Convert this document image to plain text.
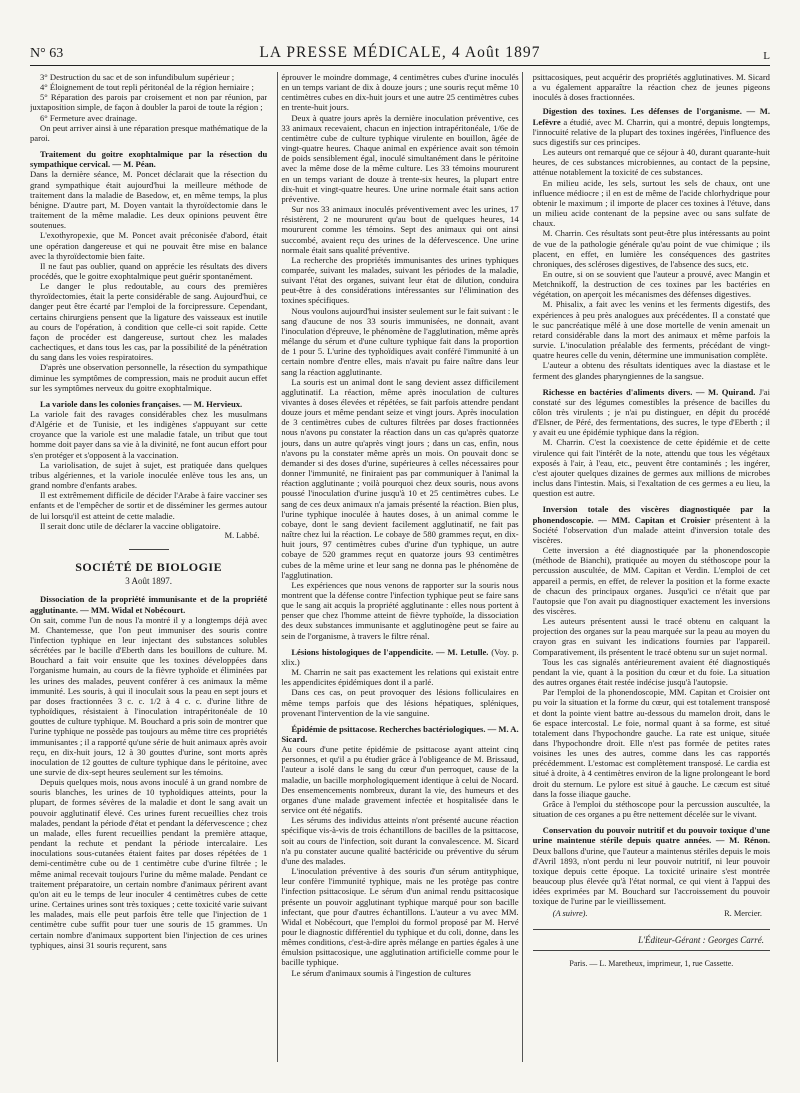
N° 63	LA PRESSE MÉDICALE, 4 Août 1897	L

3° Destruction du sac et de son infundibulum supérieur ;

4° Éloignement de tout repli péritonéal de la région herniaire ;

5° Réparation des parois par croisement et non par réunion, par juxtaposition simple, de façon à doubler la paroi de toute la région ;

6° Fermeture avec drainage.

On peut arriver ainsi à une réparation presque mathématique de la paroi.

Traitement du goitre exophtalmique par la résection du sympathique cervical. — M. Péan.

Dans la dernière séance, M. Poncet déclarait que la résection du grand sympathique était aujourd'hui la meilleure méthode de traitement dans la maladie de Basedow, et, en même temps, la plus bénigne. D'autre part, M. Doyen vantait la thyroïdectomie dans le traitement de la même maladie. Les deux opinions peuvent être soutenues.

L'exothyropexie, que M. Poncet avait préconisée d'abord, était une opération dangereuse et qui ne pouvait être mise en balance avec la thyroïdectomie bien faite.

Il ne faut pas oublier, quand on apprécie les résultats des divers procédés, que le goitre exophtalmique peut guérir spontanément.

Le danger le plus redoutable, au cours des premières thyroïdectomies, était la perte considérable de sang. Aujourd'hui, ce danger peut être écarté par l'emploi de la forcipressure. Cependant, certains chirurgiens pensent que la ligature des vaisseaux est inutile au cours de l'opération, à condition que celle-ci soit rapide. Cette façon de procéder est dangereuse, surtout chez les malades cachectiques, et dans tous les cas, par la possibilité de la pénétration du sang dans les voies respiratoires.

D'après une observation personnelle, la résection du sympathique diminue les symptômes de compression, mais ne produit aucun effet sur les symptômes nerveux du goitre exophtalmique.

La variole dans les colonies françaises. — M. Hervieux.

La variole fait des ravages considérables chez les musulmans d'Algérie et de Tunisie, et les indigènes s'appuyant sur cette croyance que la variole est une maladie fatale, un tribut que tout homme doit payer dans sa vie à la divinité, ne font aucun effort pour s'en protéger et s'opposent à la vaccination.

La variolisation, de sujet à sujet, est pratiquée dans quelques tribus algériennes, et la variole inoculée enlève tous les ans, un grand nombre d'enfants arabes.

Il est extrêmement difficile de décider l'Arabe à faire vacciner ses enfants et de l'empêcher de sortir et de disséminer les germes autour de lui lorsqu'il est atteint de cette maladie.

Il serait donc utile de déclarer la vaccine obligatoire.

M. Labbé.
SOCIÉTÉ DE BIOLOGIE
3 Août 1897.

Dissociation de la propriété immunisante et de la propriété agglutinante. — MM. Widal et Nobécourt.

On sait, comme l'un de nous l'a montré il y a longtemps déjà avec M. Chantemesse, que l'on peut immuniser des souris contre l'infection typhique en leur injectant des substances solubles sécrétées par le bacille d'Eberth dans les bouillons de culture. M. Bouchard a fait voir ensuite que les toxines développées dans l'organisme humain, au cours de la fièvre typhoïde et éliminées par les urines des malades, peuvent conférer à ces animaux la même immunité. Les souris, à qui il inoculait sous la peau en sept jours et par doses fractionnées 3 c. c. 1/2 à 4 c. c. d'urine lithre de typhoïdiques, résistaient à l'inoculation intrapéritonéale de 10 gouttes de culture typhique. M. Bouchard a pris soin de montrer que l'urine typhique ne possède pas toujours au même titre ces propriétés immunisantes ; il a rapporté qu'une série de huit animaux après avoir reçu, en dix-huit jours, 12 à 30 gouttes d'urine, sont morts après inoculation de 12 gouttes de culture typhique dans le péritoine, avec une survie de dix-sept heures seulement sur les témoins.

Depuis quelques mois, nous avons inoculé à un grand nombre de souris blanches, les urines de 10 typhoïdiques atteints, pour la plupart, de formes sévères de la maladie et dont le sang avait un pouvoir agglutinatif élevé. Ces urines furent recueillies chez trois malades, pendant la période d'état et pendant la défervescence ; chez un malade, elles furent recueillies pendant la première attaque, pendant la rechute et pendant la période intercalaire. Les inoculations sous-cutanées étaient faites par doses répétées de 1 demi-centimètre cube ou de 1 centimètre cube d'urine filtrée ; le même animal recevait toujours l'urine du même malade. Pendant ce traitement préparatoire, un certain nombre d'animaux périrent avant qu'on ait eu le temps de leur inoculer 4 centimètres cubes de cette urine. Certaines urines sont très toxiques ; cette toxicité varie suivant les malades, mais elle peut parfois être telle que l'injection de 1 centimètre cube suffit pour tuer une souris de 15 grammes. Un certain nombre d'animaux supportent bien l'injection de ces urines typhiques, ainsi 31 souris reçurent, sans

éprouver le moindre dommage, 4 centimètres cubes d'urine inoculés en un temps variant de dix à douze jours ; une souris reçut même 10 centimètres cubes en dix-huit jours et une autre 25 centimètres cubes en trente-huit jours.

Deux à quatre jours après la dernière inoculation préventive, ces 33 animaux recevaient, chacun en injection intrapéritonéale, 1/6e de centimètre cube de culture typhique virulente en bouillon, âgée de vingt-quatre heures. Chaque animal en expérience avait son témoin de poids sensiblement égal, inoculé simultanément dans le péritoine avec la même dose de la même culture. Les 33 témoins moururent en un temps variant de douze à trente-six heures, la plupart entre dix-huit et vingt-quatre heures. Une urine normale était sans action préventive.

Sur nos 33 animaux inoculés préventivement avec les urines, 17 résistèrent, 2 ne moururent qu'au bout de quelques heures, 14 moururent comme les témoins. Sept des animaux qui ont ainsi succombé, avaient reçu des urines de la défervescence. Une urine normale était sans qualité préventive.

La recherche des propriétés immunisantes des urines typhiques comparée, suivant les malades, suivant les périodes de la maladie, suivant l'état des organes, suivant leur état de dilution, conduira peut-être à des considérations intéressantes sur l'élimination des toxines spécifiques.

Nous voulons aujourd'hui insister seulement sur le fait suivant : le sang d'aucune de nos 33 souris immunisées, ne donnait, avant l'inoculation d'épreuve, le phénomène de l'agglutination, même après mélange du sérum et d'une culture typhique fait dans la proportion de 1 pour 5. L'urine des typhoïdiques avait conféré l'immunité à un certain nombre d'entre elles, mais n'avait pu faire naître dans leur sang la réaction agglutinante.

La souris est un animal dont le sang devient assez difficilement agglutinatif. La réaction, même après inoculation de cultures vivantes à doses élevées et répétées, se fait parfois attendre pendant douze jours et même pendant seize et vingt jours. Après inoculation de 3 centimètres cubes de cultures filtrées par doses fractionnées nous n'avons pu constater la réaction dans un cas qu'après quatorze jours, dans un autre qu'après vingt jours ; dans un cas, enfin, nous n'avons pu la constater même après un mois. On pouvait donc se demander si des doses d'urine, supérieures à celles nécessaires pour donner l'immunité, ne finiraient pas par communiquer à l'animal la réaction agglutinante ; voilà pourquoi chez deux souris, nous avons poussé l'inoculation d'urine jusqu'à 10 et 25 centimètres cubes. Le sang de ces deux animaux n'a jamais présenté la réaction. Bien plus, l'urine typhique inoculée à hautes doses, à un animal comme le cobaye, dont le sang devient facilement agglutinatif, ne fait pas naître chez lui la réaction. Le cobaye de 580 grammes reçut, en dix-huit jours, 97 centimètres cubes d'urine d'un typhique, un autre cobaye de 520 grammes reçut en quatorze jours 93 centimètres cubes de la même urine et leur sang ne donna pas le phénomène de l'agglutination.

Les expériences que nous venons de rapporter sur la souris nous montrent que la défense contre l'infection typhique peut se faire sans que le sang ait acquis la propriété agglutinante : elles nous portent à penser que chez l'homme atteint de fièvre typhoïde, la dissociation des deux substances immunisante et agglutinogène peut se faire au sein de l'organisme, à travers le filtre rénal.

Lésions histologiques de l'appendicite. — M. Letulle. (Voy. p. xlix.)

M. Charrin ne sait pas exactement les relations qui existait entre les appendicites épidémiques dont il a parlé.

Dans ces cas, on peut provoquer des lésions folliculaires en même temps parfois que des lésions hépatiques, spléniques, provenant l'intervention de la vie sanguine.

Épidémie de psittacose. Recherches bactériologiques. — M. A. Sicard.

Au cours d'une petite épidémie de psittacose ayant atteint cinq personnes, et qu'il a pu étudier grâce à l'obligeance de M. Brissaud, l'auteur a isolé dans le sang du cœur d'un perroquet, cause de la maladie, un bacille morphologiquement identique à celui de Nocard. Des ensemencements nombreux, durant la vie, des humeurs et des organes d'une malade gravement infectée et hospitalisée dans le service ont été négatifs.

Les sérums des individus atteints n'ont présenté aucune réaction spécifique vis-à-vis de trois échantillons de bacilles de la psittacose, soit au cours de l'infection, soit durant la convalescence. M. Sicard n'a pu constater aucune qualité bactéricide ou préventive du sérum d'une des malades.

L'inoculation préventive à des souris d'un sérum antityphique, leur confère l'immunité typhique, mais ne les protège pas contre l'infection psittacosique. Le sérum d'un animal rendu psittacosique présente un pouvoir agglutinant typhique marqué pour son bacille infectant, que pour d'autres échantillons. L'auteur a vu avec MM. Widal et Nobécourt, que l'emploi du formol proposé par M. Hervé pour le diagnostic différentiel du typhique et du coli, donne, dans les mêmes conditions, c'est-à-dire après mélange en parties égales à une émulsion psittacosique, une agglutination artificielle comme pour le bacille typhique.

Le sérum d'animaux soumis à l'ingestion de cultures

psittacosiques, peut acquérir des propriétés agglutinatives. M. Sicard a vu également apparaître la réaction chez de jeunes pigeons inoculés à doses fractionnées.

Digestion des toxines. Les défenses de l'organisme. — M. Lefèvre a étudié, avec M. Charrin, qui a montré, depuis longtemps, l'innocuité relative de la plupart des toxines ingérées, l'influence des sucs digestifs sur ces principes.

Les auteurs ont remarqué que ce séjour à 40, durant quarante-huit heures, de ces substances microbiennes, au contact de la pepsine, atténue notablement la toxicité de ces substances.

En milieu acide, les sels, surtout les sels de chaux, ont une influence médiocre ; il en est de même de l'acide chlorhydrique pour obtenir le maximum ; il importe de placer ces toxines à l'étuve, dans un milieu acide contenant de la pepsine avec ou sans sulfate de chaux.

M. Charrin. Ces résultats sont peut-être plus intéressants au point de vue de la pathologie générale qu'au point de vue chimique ; ils placent, en effet, en lumière les conséquences des gastrites chroniques, des scléroses digestives, de l'absence des sucs, etc.

En outre, si on se souvient que l'auteur a prouvé, avec Mangin et Metchnikoff, la destruction de ces toxines par les bactéries en végétation, on aperçoit les mécanismes des défenses digestives.

M. Phisalix, a fait avec les venins et les ferments digestifs, des expériences à peu près analogues aux précédentes. Il a constaté que le suc pancréatique mêlé à une dose mortelle de venin amenait un retard considérable dans la mort des animaux et même parfois la survie. L'inoculation préalable des ferments, précédant de vingt-quatre heures celle du venin, détermine une immunisation complète.

L'auteur a obtenu des résultats identiques avec la diastase et le ferment des glandes pharyngiennes de la sangsue.

Richesse en bactéries d'aliments divers. — M. Quirand. J'ai constaté sur des légumes comestibles la présence de bacilles du côlon très virulents ; je n'ai pu distinguer, en dépit du procédé d'Elsner, de Péré, des fermentations, des sucres, le type d'Eberth ; il y avait eu une épidémie typhique dans la région.

M. Charrin. C'est la coexistence de cette épidémie et de cette virulence qui fait l'intérêt de la note, attendu que tous les végétaux exposés à l'air, à l'eau, etc., peuvent être contaminés ; les ingérer, c'est ajouter quelques dizaines de germes aux millions de microbes inclus dans l'intestin. Mais, si l'exaltation de ces germes a eu lieu, la question est autre.

Inversion totale des viscères diagnostiquée par la phonendoscopie. — MM. Capitan et Croisier présentent à la Société l'observation d'un malade atteint d'inversion totale des viscères.

Cette inversion a été diagnostiquée par la phonendoscopie (méthode de Bianchi), pratiquée au moyen du stéthoscope pour la percussion auscultée, de MM. Capitan et Verdin. L'emploi de cet appareil a permis, en effet, de relever la position et la forme exacte de chacun des principaux organes. Jusqu'ici ce n'était que par l'autopsie que l'on avait pu diagnostiquer exactement les inversions des viscères.

Les auteurs présentent aussi le tracé obtenu en calquant la projection des organes sur la peau marquée sur la peau au moyen du crayon gras en suivant les indications fournies par l'appareil. Comparativement, ils présentent le tracé obtenu sur un sujet normal.

Tous les cas signalés antérieurement avaient été diagnostiqués pendant la vie, quant à la position du cœur et du foie. La situation des autres organes était restée indécise jusqu'à l'autopsie.

Par l'emploi de la phonendoscopie, MM. Capitan et Croisier ont pu voir la situation et la forme du cœur, qui est totalement transposé et dont la pointe vient battre au-dessous du mamelon droit, dans le 6e espace intercostal. Le foie, normal quant à sa forme, est situé totalement dans l'hypochondre gauche. La rate est unique, située dans l'hypochondre droit. Elle n'est pas formée de petites rates voisines les unes des autres, comme dans les cas rapportés précédemment. L'estomac est complètement transposé. Le cardia est situé à droite, à 4 centimètres environ de la ligne prolongeant le bord droit du sternum. Le pylore est situé à gauche. Le cæcum est situé dans la fosse iliaque gauche.

Grâce à l'emploi du stéthoscope pour la percussion auscultée, la situation de ces organes a pu être nettement décelée sur le vivant.

Conservation du pouvoir nutritif et du pouvoir toxique d'une urine maintenue stérile depuis quatre années. — M. Rénon. Deux ballons d'urine, que l'auteur a maintenus stériles depuis le mois d'Avril 1893, n'ont perdu ni leur pouvoir nutritif, ni leur pouvoir toxique depuis cette époque. La toxicité urinaire s'est montrée beaucoup plus élevée qu'à l'état normal, ce qui vient à l'appui des idées exprimées par M. Bouchard sur l'accroissement du pouvoir toxique de l'urine par le vieillissement.

(A suivre).	R. Mercier.
L'Éditeur-Gérant : Georges Carré.
Paris. — L. Maretheux, imprimeur, 1, rue Cassette.
